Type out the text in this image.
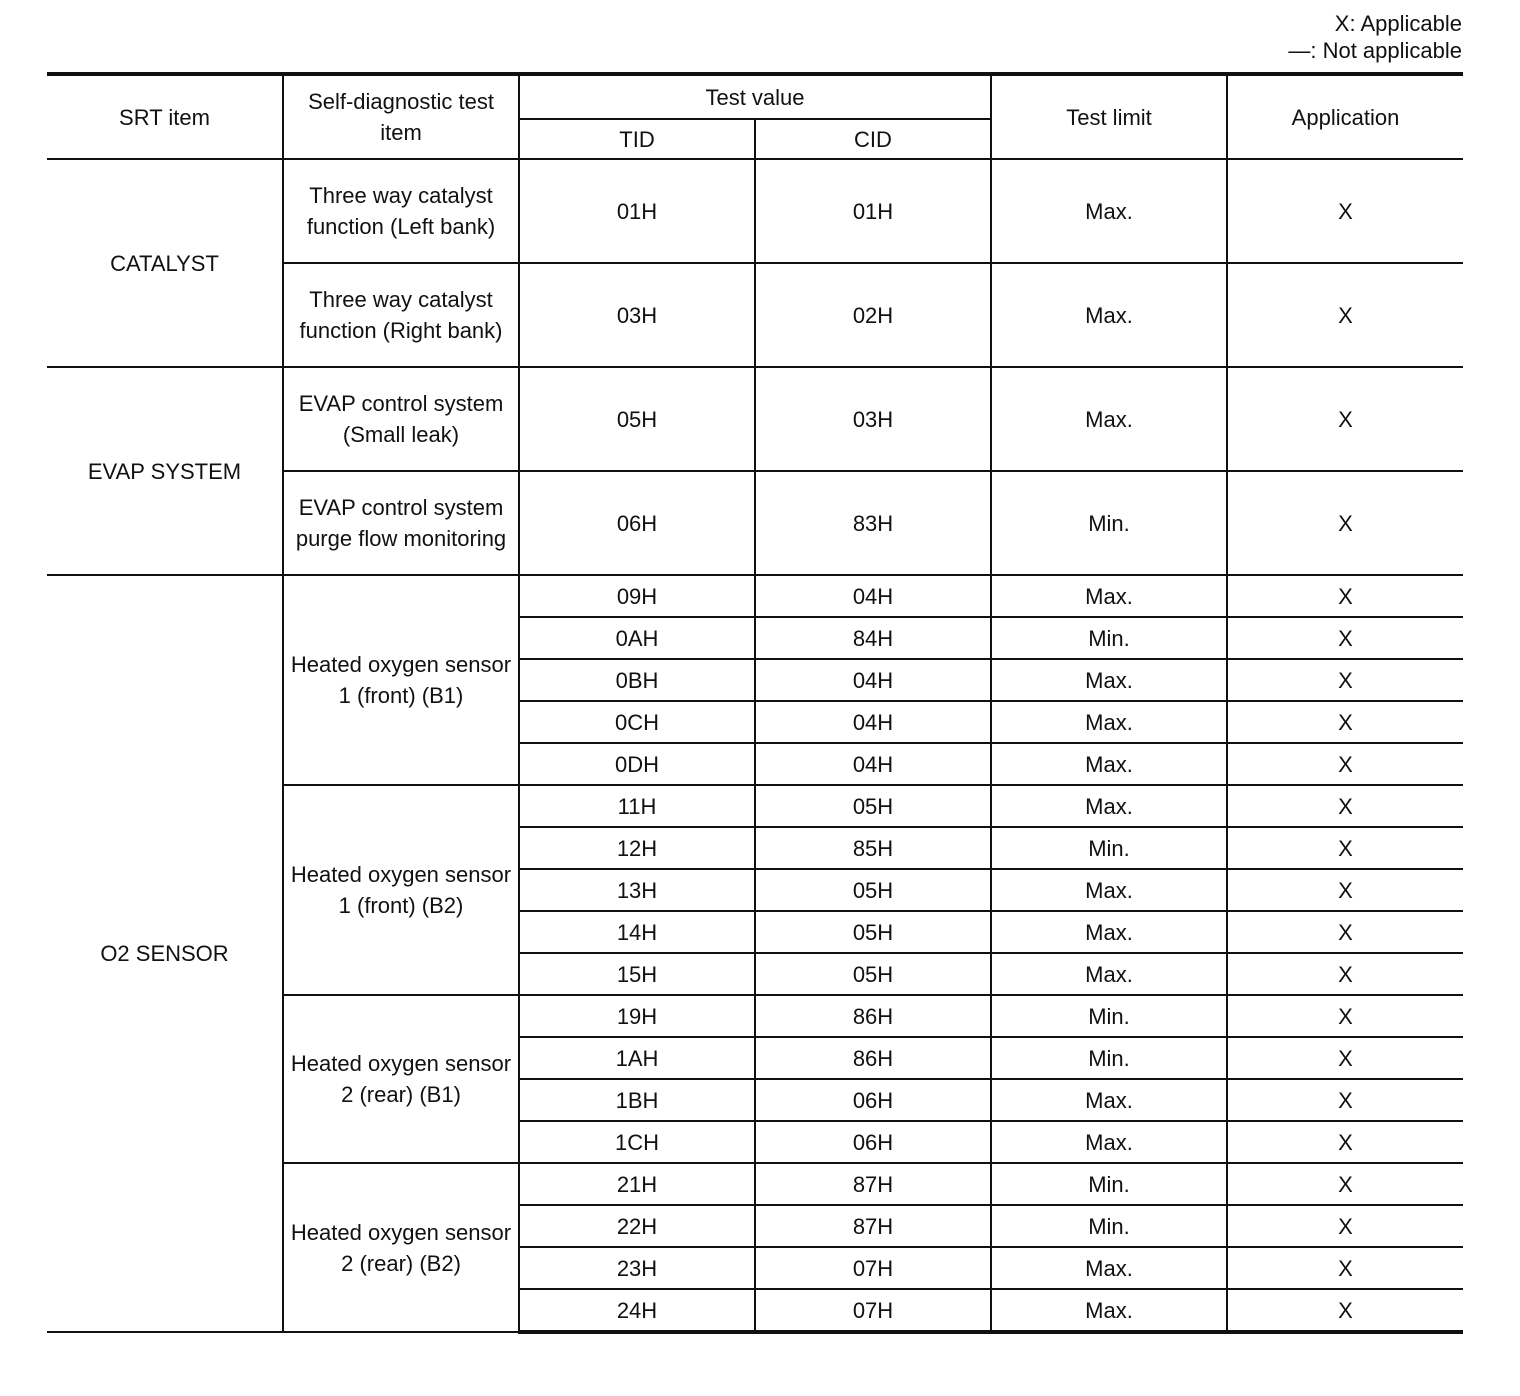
X: Applicable
—: Not applicable
SRT item	Self-diagnostic test item	Test value		Test limit	Application
		TID	CID		
CATALYST	Three way catalyst function (Left bank)	01H	01H	Max.	X
	Three way catalyst function (Right bank)	03H	02H	Max.	X
EVAP SYSTEM	EVAP control system (Small leak)	05H	03H	Max.	X
	EVAP control system purge flow monitoring	06H	83H	Min.	X
O2 SENSOR	Heated oxygen sensor 1 (front) (B1)	09H	04H	Max.	X
		0AH	84H	Min.	X
		0BH	04H	Max.	X
		0CH	04H	Max.	X
		0DH	04H	Max.	X
	Heated oxygen sensor 1 (front) (B2)	11H	05H	Max.	X
		12H	85H	Min.	X
		13H	05H	Max.	X
		14H	05H	Max.	X
		15H	05H	Max.	X
	Heated oxygen sensor 2 (rear) (B1)	19H	86H	Min.	X
		1AH	86H	Min.	X
		1BH	06H	Max.	X
		1CH	06H	Max.	X
	Heated oxygen sensor 2 (rear) (B2)	21H	87H	Min.	X
		22H	87H	Min.	X
		23H	07H	Max.	X
		24H	07H	Max.	X
